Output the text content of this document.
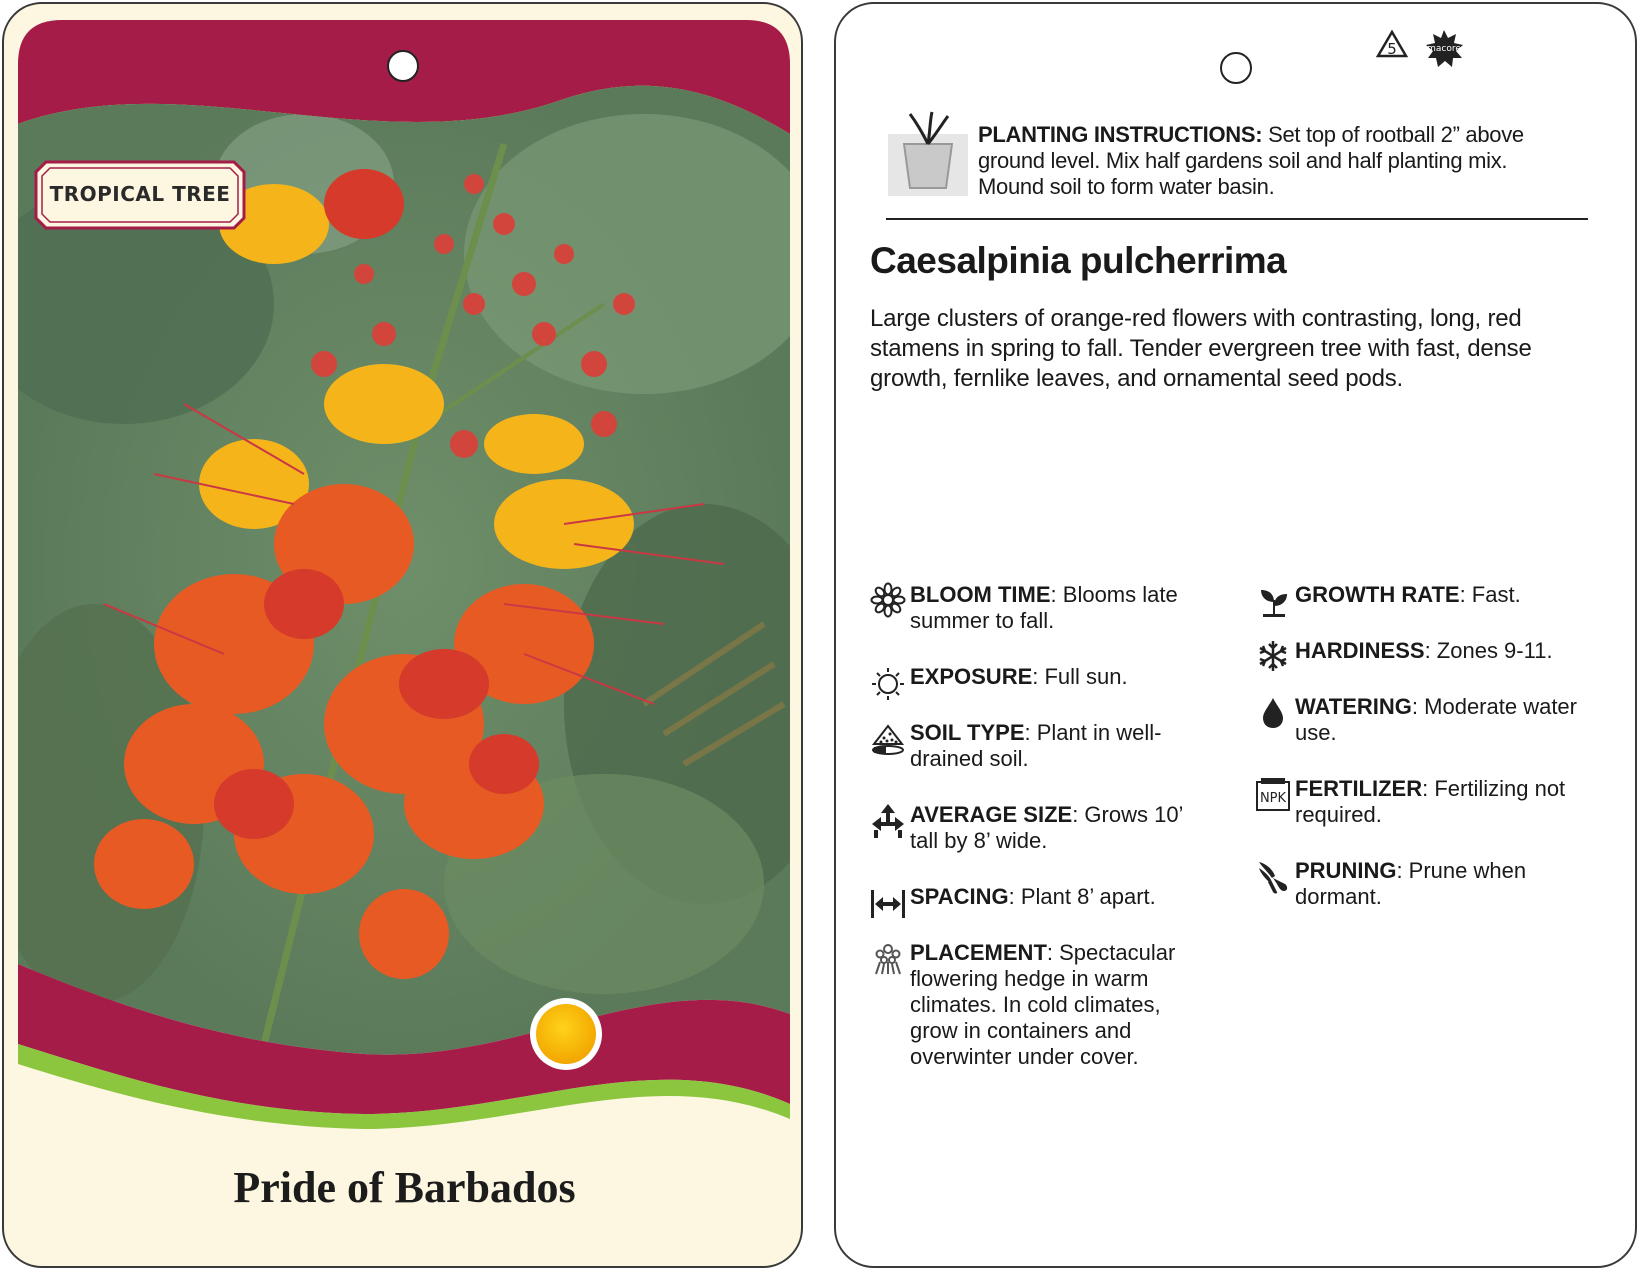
TROPICAL TREE
Pride of Barbados
5	macore
PLANTING INSTRUCTIONS: Set top of rootball 2” above ground level. Mix half gardens soil and half planting mix. Mound soil to form water basin.
Caesalpinia pulcherrima
Large clusters of orange-red flowers with contrasting, long, red stamens in spring to fall. Tender evergreen tree with fast, dense growth, fernlike leaves, and ornamental seed pods.
BLOOM TIME: Blooms late summer to fall.
EXPOSURE: Full sun.
SOIL TYPE: Plant in well-drained soil.
AVERAGE SIZE: Grows 10’ tall by 8’ wide.
SPACING: Plant 8’ apart.
PLACEMENT: Spectacular flowering hedge in warm climates. In cold climates, grow in containers and overwinter under cover.
GROWTH RATE: Fast.
HARDINESS: Zones 9-11.
WATERING: Moderate water use.
NPK FERTILIZER: Fertilizing not required.
PRUNING: Prune when dormant.
